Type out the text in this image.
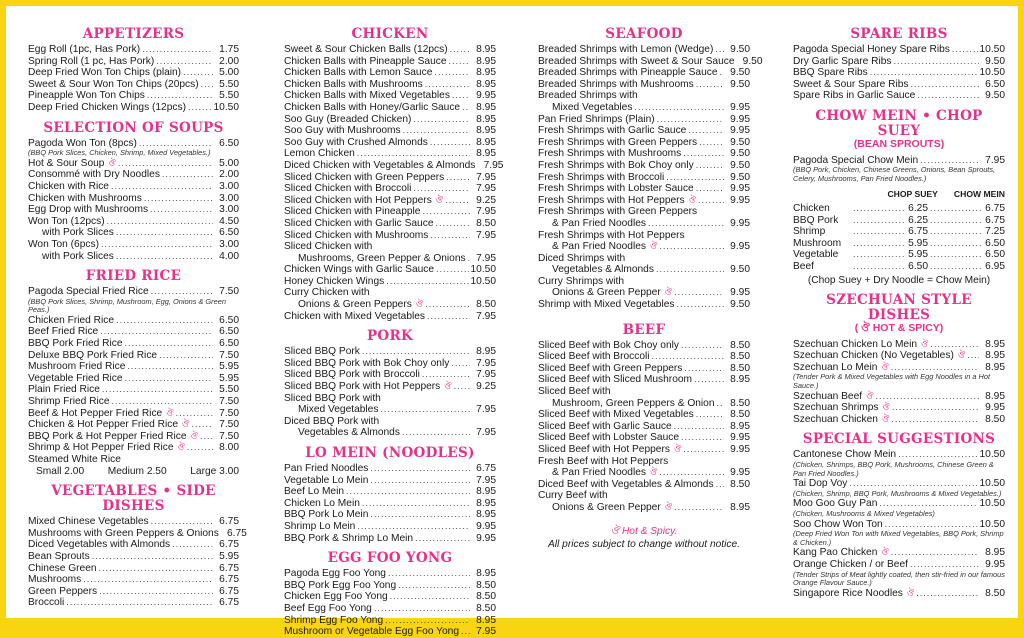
APPETIZERS
Egg Roll (1pc, Has Pork) .....	1.75
Spring Roll (1 pc, Has Pork) .....	2.00
Deep Fried Won Ton Chips (plain) .....	5.00
Sweet & Sour Won Ton Chips (20pcs) .....	5.50
Pineapple Won Ton Chips .....	5.50
Deep Fried Chicken Wings (12pcs) .....	10.50
SELECTION OF SOUPS
Pagoda Won Ton (8pcs) .....	6.50
(BBQ Pork Slices, Chicken, Shrimp, Mixed Vegetables.)
Hot & Sour Soup ঔ .....	5.00
Consommé with Dry Noodles .....	2.00
Chicken with Rice .....	3.00
Chicken with Mushrooms .....	3.00
Egg Drop with Mushrooms .....	3.00
Won Ton (12pcs) .....	4.50
with Pork Slices .....	6.50
Won Ton (6pcs) .....	3.00
with Pork Slices .....	4.00
FRIED RICE
Pagoda Special Fried Rice .....	7.50
(BBQ Pork Slices, Shrimp, Mushroom, Egg, Onions & Green Peas.)
Chicken Fried Rice .....	6.50
Beef Fried Rice .....	6.50
BBQ Pork Fried Rice .....	6.50
Deluxe BBQ Pork Fried Rice .....	7.50
Mushroom Fried Rice .....	5.95
Vegetable Fried Rice .....	5.95
Plain Fried Rice .....	5.50
Shrimp Fried Rice .....	7.50
Beef & Hot Pepper Fried Rice ঔ .....	7.50
Chicken & Hot Pepper Fried Rice ঔ .....	7.50
BBQ Pork & Hot Pepper Fried Rice ঔ .....	7.50
Shrimp & Hot Pepper Fried Rice ঔ .....	8.00
Steamed White Rice
Small 2.00 Medium 2.50 Large 3.00
VEGETABLES • SIDE DISHES
Mixed Chinese Vegetables .....	6.75
Mushrooms with Green Peppers & Onions 6.75
Diced Vegetables with Almonds .....	6.75
Bean Sprouts .....	5.95
Chinese Green .....	6.75
Mushrooms .....	6.75
Green Peppers .....	6.75
Broccoli .....	6.75
CHICKEN
Sweet & Sour Chicken Balls (12pcs) .....	8.95
Chicken Balls with Pineapple Sauce .....	8.95
Chicken Balls with Lemon Sauce .....	8.95
Chicken Balls with Mushrooms .....	8.95
Chicken Balls with Mixed Vegetables .....	9.95
Chicken Balls with Honey/Garlic Sauce .....	8.95
Soo Guy (Breaded Chicken) .....	8.95
Soo Guy with Mushrooms .....	8.95
Soo Guy with Crushed Almonds .....	8.95
Lemon Chicken .....	8.95
Diced Chicken with Vegetables & Almonds 7.95
Sliced Chicken with Green Peppers .....	7.95
Sliced Chicken with Broccoli .....	7.95
Sliced Chicken with Hot Peppers ঔ .....	9.25
Sliced Chicken with Pineapple .....	7.95
Sliced Chicken with Garlic Sauce .....	8.50
Sliced Chicken with Mushrooms .....	7.95
Sliced Chicken with
Mushrooms, Green Pepper & Onions .....	7.95
Chicken Wings with Garlic Sauce .....	10.50
Honey Chicken Wings .....	10.50
Curry Chicken with
Onions & Green Peppers ঔ .....	8.50
Chicken with Mixed Vegetables .....	7.95
PORK
Sliced BBQ Pork .....	8.95
Sliced BBQ Pork with Bok Choy only .....	7.95
Sliced BBQ Pork with Broccoli .....	7.95
Sliced BBQ Pork with Hot Peppers ঔ .....	9.25
Sliced BBQ Pork with
Mixed Vegetables .....	7.95
Diced BBQ Pork with
Vegetables & Almonds .....	7.95
LO MEIN (NOODLES)
Pan Fried Noodles .....	6.75
Vegetable Lo Mein .....	7.95
Beef Lo Mein .....	8.95
Chicken Lo Mein .....	8.95
BBQ Pork Lo Mein .....	8.95
Shrimp Lo Mein .....	9.95
BBQ Pork & Shrimp Lo Mein .....	9.95
EGG FOO YONG
Pagoda Egg Foo Yong .....	8.95
BBQ Pork Egg Foo Yong .....	8.50
Chicken Egg Foo Yong .....	8.50
Beef Egg Foo Yong .....	8.50
Shrimp Egg Foo Yong .....	8.95
Mushroom or Vegetable Egg Foo Yong .....	7.95
SEAFOOD
Breaded Shrimps with Lemon (Wedge) .....	9.50
Breaded Shrimps with Sweet & Sour Sauce 9.50
Breaded Shrimps with Pineapple Sauce .....	9.50
Breaded Shrimps with Mushrooms .....	9.50
Breaded Shrimps with
Mixed Vegetables .....	9.95
Pan Fried Shrimps (Plain) .....	9.95
Fresh Shrimps with Garlic Sauce .....	9.95
Fresh Shrimps with Green Peppers .....	9.50
Fresh Shrimps with Mushrooms .....	9.50
Fresh Shrimps with Bok Choy only .....	9.50
Fresh Shrimps with Broccoli .....	9.50
Fresh Shrimps with Lobster Sauce .....	9.95
Fresh Shrimps with Hot Peppers ঔ .....	9.95
Fresh Shrimps with Green Peppers
& Pan Fried Noodles .....	9.95
Fresh Shrimps with Hot Peppers
& Pan Fried Noodles ঔ .....	9.95
Diced Shrimps with
Vegetables & Almonds .....	9.50
Curry Shrimps with
Onions & Green Pepper ঔ .....	9.95
Shrimp with Mixed Vegetables .....	9.50
BEEF
Sliced Beef with Bok Choy only .....	8.50
Sliced Beef with Broccoli .....	8.50
Sliced Beef with Green Peppers .....	8.50
Sliced Beef with Sliced Mushroom .....	8.95
Sliced Beef with
Mushroom, Green Peppers & Onion .....	8.50
Sliced Beef with Mixed Vegetables .....	8.50
Sliced Beef with Garlic Sauce .....	8.95
Sliced Beef with Lobster Sauce .....	9.95
Sliced Beef with Hot Peppers ঔ .....	9.95
Fresh Beef with Hot Peppers
& Pan Fried Noodles ঔ .....	9.95
Diced Beef with Vegetables & Almonds .....	8.50
Curry Beef with
Onions & Green Pepper ঔ .....	8.95
ঔ Hot & Spicy.
All prices subject to change without notice.
SPARE RIBS
Pagoda Special Honey Spare Ribs .....	10.50
Dry Garlic Spare Ribs .....	9.50
BBQ Spare Ribs .....	10.50
Sweet & Sour Spare Ribs .....	6.50
Spare Ribs in Garlic Sauce .....	9.50
CHOW MEIN • CHOP SUEY
(BEAN SPROUTS)
Pagoda Special Chow Mein .....	7.95
(BBQ Pork, Chicken, Chinese Greens, Onions, Bean Sprouts, Celery, Mushrooms, Pan Fried Noodles.)
CHOP SUEY CHOW MEIN
Chicken .....	6.25 .....	6.75
BBQ Pork .....	6.25 .....	6.75
Shrimp .....	6.75 .....	7.25
Mushroom .....	5.95 .....	6.50
Vegetable .....	5.95 .....	6.50
Beef .....	6.50 .....	6.95
(Chop Suey + Dry Noodle = Chow Mein)
SZECHUAN STYLE DISHES
( ঔ HOT & SPICY)
Szechuan Chicken Lo Mein ঔ .....	8.95
Szechuan Chicken (No Vegetables) ঔ .....	8.95
Szechuan Lo Mein ঔ .....	8.95
(Tender Pork & Mixed Vegetables with Egg Noodles in a Hot Sauce.)
Szechuan Beef ঔ .....	8.95
Szechuan Shrimps ঔ .....	9.95
Szechuan Chicken ঔ .....	8.50
SPECIAL SUGGESTIONS
Cantonese Chow Mein .....	10.50
(Chicken, Shrimps, BBQ Pork, Mushrooms, Chinese Green & Pan Fried Noodles.)
Tai Dop Voy .....	10.50
(Chicken, Shrimp, BBQ Pork, Mushrooms & Mixed Vegetables.)
Moo Goo Guy Pan .....	10.50
(Chicken, Mushrooms & Mixed Vegetables)
Soo Chow Won Ton .....	10.50
(Deep Fried Won Ton with Mixed Vegetables, BBQ Pork, Shrimp & Chicken.)
Kang Pao Chicken ঔ .....	8.95
Orange Chicken / or Beef .....	9.95
(Tender Strips of Meat lightly coated, then stir-fried in our famous Orange Flavour Sauce.)
Singapore Rice Noodles ঔ .....	8.50
